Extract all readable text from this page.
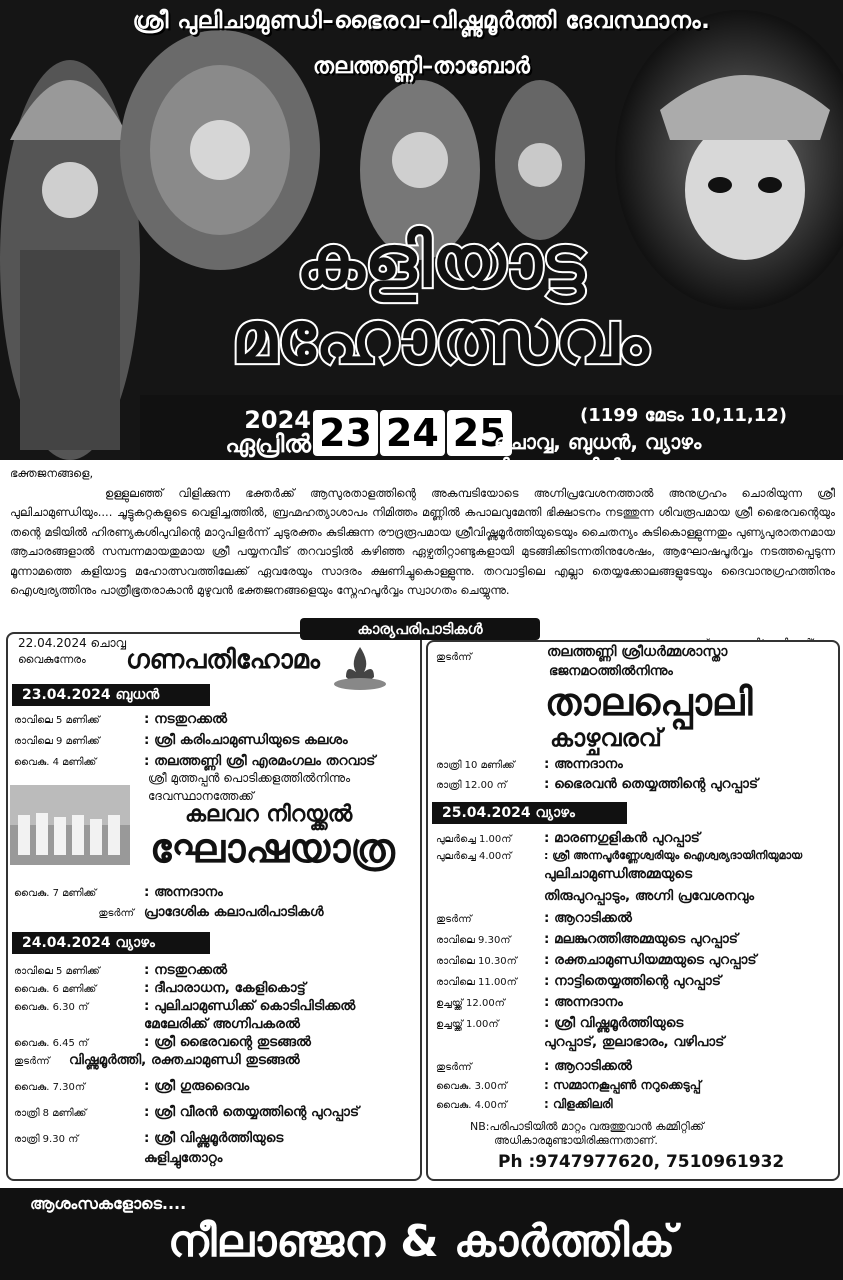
ശ്രീ പുലിചാമുണ്ഡി–ഭൈരവ–വിഷ്ണുമൂർത്തി ദേവസ്ഥാനം.
തലത്തണ്ണി–താബോർ
കളിയാട്ട
മഹോത്സവം
2024
ഏപ്രിൽ 23 24 25	(1199 മേടം 10,11,12)
ചൊവ്വ, ബുധൻ, വ്യാഴം ദിവസങ്ങളിൽ.
ഭക്തജനങ്ങളെ,
ഉള്ളുലഞ്ഞ് വിളിക്കുന്ന ഭക്തർക്ക് ആസുരതാളത്തിന്റെ അകമ്പടിയോടെ അഗ്നിപ്രവേശനത്താൽ അനുഗ്രഹം ചൊരിയുന്ന ശ്രീ പുലിചാമുണ്ഡിയും.... ചൂട്ടുകറ്റകളുടെ വെളിച്ചത്തിൽ, ബ്രഹ്മഹത്യാശാപം നിമിത്തം മണ്ണിൽ കപാലവുമേന്തി ഭിക്ഷാടനം നടത്തുന്ന ശിവരൂപമായ ശ്രീ ഭൈരവന്റെയും തന്റെ മടിയിൽ ഹിരണ്യകശിപുവിന്റെ മാറുപിളർന്ന് ചുടുരക്തം കുടിക്കുന്ന രൗദ്രരൂപമായ ശ്രീവിഷ്ണുമൂർത്തിയുടെയും ചൈതന്യം കുടികൊള്ളുന്നതും പുണ്യപുരാതനമായ ആചാരങ്ങളാൽ സമ്പന്നമായതുമായ ശ്രീ പയ്യനവീട് തറവാട്ടിൽ കഴിഞ്ഞ ഏഴ്പതിറ്റാണ്ടുകളായി മുടങ്ങിക്കിടന്നതിനുശേഷം, ആഘോഷപൂർവ്വം നടത്തപ്പെടുന്ന മൂന്നാമത്തെ കളിയാട്ട മഹോത്സവത്തിലേക്ക് ഏവരേയും സാദരം ക്ഷണിച്ചുകൊള്ളുന്നു. തറവാട്ടിലെ എല്ലാ തെയ്യക്കോലങ്ങളുടേയും ദൈവാനുഗ്രഹത്തിനും ഐശ്വര്യത്തിനും പാത്രീഭൂതരാകാൻ മുഴുവൻ ഭക്തജനങ്ങളെയും സ്നേഹപൂർവ്വം സ്വാഗതം ചെയ്യുന്നു.
കാര്യപരിപാടികൾ
22.04.2024 ചൊവ്വ
വൈകുന്നേരം ഗണപതിഹോമം
23.04.2024 ബുധൻ
രാവിലെ 5 മണിക്ക്	: നടതുറക്കൽ
രാവിലെ 9 മണിക്ക്	: ശ്രീ കരിംചാമുണ്ഡിയുടെ കലശം
വൈകു. 4 മണിക്ക്	: തലത്തണ്ണി ശ്രീ എരമംഗലം തറവാട്
ശ്രീ മുത്തപ്പൻ പൊടിക്കളത്തിൽനിന്നും
ദേവസ്ഥാനത്തേക്ക്
കലവറ നിറയ്ക്കൽ
ഘോഷയാത്ര
വൈകു. 7 മണിക്ക്	: അന്നദാനം
തുടർന്ന് പ്രാദേശിക കലാപരിപാടികൾ
24.04.2024 വ്യാഴം
രാവിലെ 5 മണിക്ക്	: നടതുറക്കൽ
വൈകു. 6 മണിക്ക്	: ദീപാരാധന, കേളികൊട്ട്
വൈകു. 6.30 ന്	: പുലിചാമുണ്ഡിക്ക് കൊടിപിടിക്കൽ
മേലേരിക്ക് അഗ്നിപകരൽ
വൈകു. 6.45 ന്	: ശ്രീ ഭൈരവന്റെ തുടങ്ങൽ
തുടർന്ന്	വിഷ്ണുമൂർത്തി, രക്തചാമുണ്ഡി തുടങ്ങൽ
വൈകു. 7.30ന്	: ശ്രീ ഗുരുദൈവം
രാത്രി 8 മണിക്ക്	: ശ്രീ വീരൻ തെയ്യത്തിന്റെ പുറപ്പാട്
രാത്രി 9.30 ന്	: ശ്രീ വിഷ്ണുമൂർത്തിയുടെ
കുളിച്ചുതോറ്റം
തുടർന്ന്	തലത്തണ്ണി ശ്രീധർമ്മശാസ്താ
ഭജനമഠത്തിൽനിന്നും
താലപ്പൊലി
കാഴ്ചവരവ്
രാത്രി 10 മണിക്ക്	: അന്നദാനം
രാത്രി 12.00 ന്	: ഭൈരവൻ തെയ്യത്തിന്റെ പുറപ്പാട്
25.04.2024 വ്യാഴം
പുലർച്ചെ 1.00ന്	: മാരണഗുളികൻ പുറപ്പാട്
പുലർച്ചെ 4.00ന്	: ശ്രീ അന്നപൂർണ്ണേശ്വരിയും ഐശ്വര്യദായിനിയുമായ
പുലിചാമുണ്ഡിഅമ്മയുടെ
തിരുപുറപ്പാടും, അഗ്നി പ്രവേശനവും
തുടർന്ന്	: ആറാടിക്കൽ
രാവിലെ 9.30ന്	: മലങ്കുറത്തിഅമ്മയുടെ പുറപ്പാട്
രാവിലെ 10.30ന്	: രക്തചാമുണ്ഡിയമ്മയുടെ പുറപ്പാട്
രാവിലെ 11.00ന്	: നാട്ടിതെയ്യത്തിന്റെ പുറപ്പാട്
ഉച്ചയ്ക്ക് 12.00ന്	: അന്നദാനം
ഉച്ചയ്ക്ക് 1.00ന്	: ശ്രീ വിഷ്ണുമൂർത്തിയുടെ
പുറപ്പാട്, തുലാഭാരം, വഴിപാട്
തുടർന്ന്	: ആറാടിക്കൽ
വൈകു. 3.00ന്	: സമ്മാനകൂപ്പൺ നറുക്കെടുപ്പ്
വൈകു. 4.00ന്	: വിളക്കിലരി
NB:പരിപാടിയിൽ മാറ്റം വരുത്തുവാൻ കമ്മിറ്റിക്ക്
അധികാരമുണ്ടായിരിക്കുന്നതാണ്.
Ph :9747977620, 7510961932
ആശംസകളോടെ....
നീലാഞ്ജന & കാർത്തിക്
